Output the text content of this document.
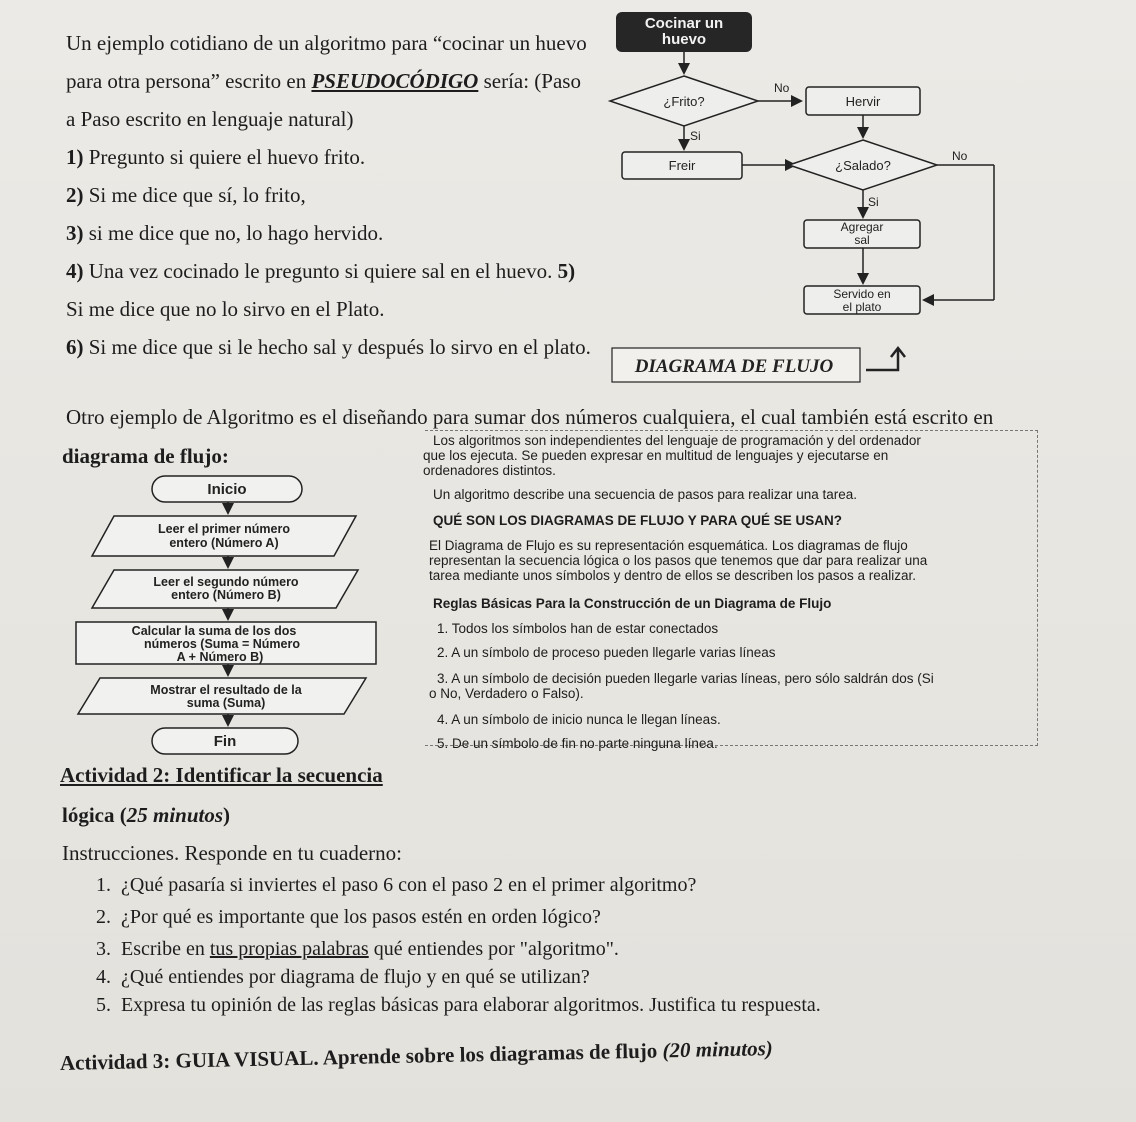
Un ejemplo cotidiano de un algoritmo para “cocinar un huevo
para otra persona” escrito en PSEUDOCÓDIGO sería: (Paso
a Paso escrito en lenguaje natural)
1) Pregunto si quiere el huevo frito.
2) Si me dice que sí, lo frito,
3) si me dice que no, lo hago hervido.
4) Una vez cocinado le pregunto si quiere sal en el huevo. 5)
Si me dice que no lo sirvo en el Plato.
6) Si me dice que si le hecho sal y después lo sirvo en el plato.
Cocinar un
huevo
¿Frito?
No
Hervir
Si
Freir	¿Salado?
No
Si
Agregar
sal
Servido en
el plato
DIAGRAMA DE FLUJO
Otro ejemplo de Algoritmo es el diseñando para sumar dos números cualquiera, el cual también está escrito en
diagrama de flujo:
Inicio
Leer el primer número
entero (Número A)
Leer el segundo número
entero (Número B)
Calcular la suma de los dos
números (Suma = Número
A + Número B)
Mostrar el resultado de la
suma (Suma)
Fin
Los algoritmos son independientes del lenguaje de programación y del ordenador
que los ejecuta. Se pueden expresar en multitud de lenguajes y ejecutarse en
ordenadores distintos.
Un algoritmo describe una secuencia de pasos para realizar una tarea.
QUÉ SON LOS DIAGRAMAS DE FLUJO Y PARA QUÉ SE USAN?
El Diagrama de Flujo es su representación esquemática. Los diagramas de flujo
representan la secuencia lógica o los pasos que tenemos que dar para realizar una
tarea mediante unos símbolos y dentro de ellos se describen los pasos a realizar.
Reglas Básicas Para la Construcción de un Diagrama de Flujo
1. Todos los símbolos han de estar conectados
2. A un símbolo de proceso pueden llegarle varias líneas
3. A un símbolo de decisión pueden llegarle varias líneas, pero sólo saldrán dos (Si
o No, Verdadero o Falso).
4. A un símbolo de inicio nunca le llegan líneas.
5. De un símbolo de fin no parte ninguna línea.
Actividad 2: Identificar la secuencia
lógica (25 minutos)
Instrucciones. Responde en tu cuaderno:
1. ¿Qué pasaría si inviertes el paso 6 con el paso 2 en el primer algoritmo?
2. ¿Por qué es importante que los pasos estén en orden lógico?
3. Escribe en tus propias palabras qué entiendes por "algoritmo".
4. ¿Qué entiendes por diagrama de flujo y en qué se utilizan?
5. Expresa tu opinión de las reglas básicas para elaborar algoritmos. Justifica tu respuesta.
Actividad 3: GUIA VISUAL. Aprende sobre los diagramas de flujo (20 minutos)
